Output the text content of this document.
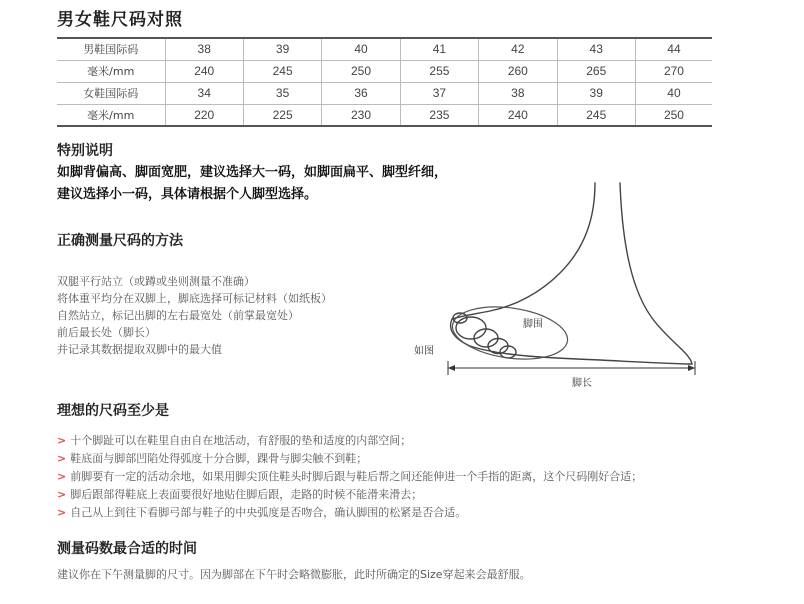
男女鞋尺码对照
男鞋国际码	38	39	40	41	42	43	44
毫米/mm	240	245	250	255	260	265	270
女鞋国际码	34	35	36	37	38	39	40
毫米/mm	220	225	230	235	240	245	250
特别说明
如脚背偏高、脚面宽肥，建议选择大一码，如脚面扁平、脚型纤细，
建议选择小一码，具体请根据个人脚型选择。
正确测量尺码的方法
双腿平行站立（或蹲或坐则测量不准确）
将体重平均分在双脚上，脚底选择可标记材料（如纸板）
自然站立，标记出脚的左右最宽处（前掌最宽处）
前后最长处（脚长）
并记录其数据提取双脚中的最大值
脚围
如图
脚长
理想的尺码至少是
> 十个脚趾可以在鞋里自由自在地活动，有舒服的垫和适度的内部空间；
> 鞋底面与脚部凹陷处得弧度十分合脚，踝骨与脚尖触不到鞋；
> 前脚要有一定的活动余地，如果用脚尖顶住鞋头时脚后跟与鞋后帮之间还能伸进一个手指的距离，这个尺码刚好合适；
> 脚后跟部得鞋底上表面要很好地贴住脚后跟，走路的时候不能滑来滑去；
> 自己从上到往下看脚弓部与鞋子的中央弧度是否吻合，确认脚围的松紧是否合适。
测量码数最合适的时间
建议你在下午测量脚的尺寸。因为脚部在下午时会略微膨胀，此时所确定的Size穿起来会最舒服。
